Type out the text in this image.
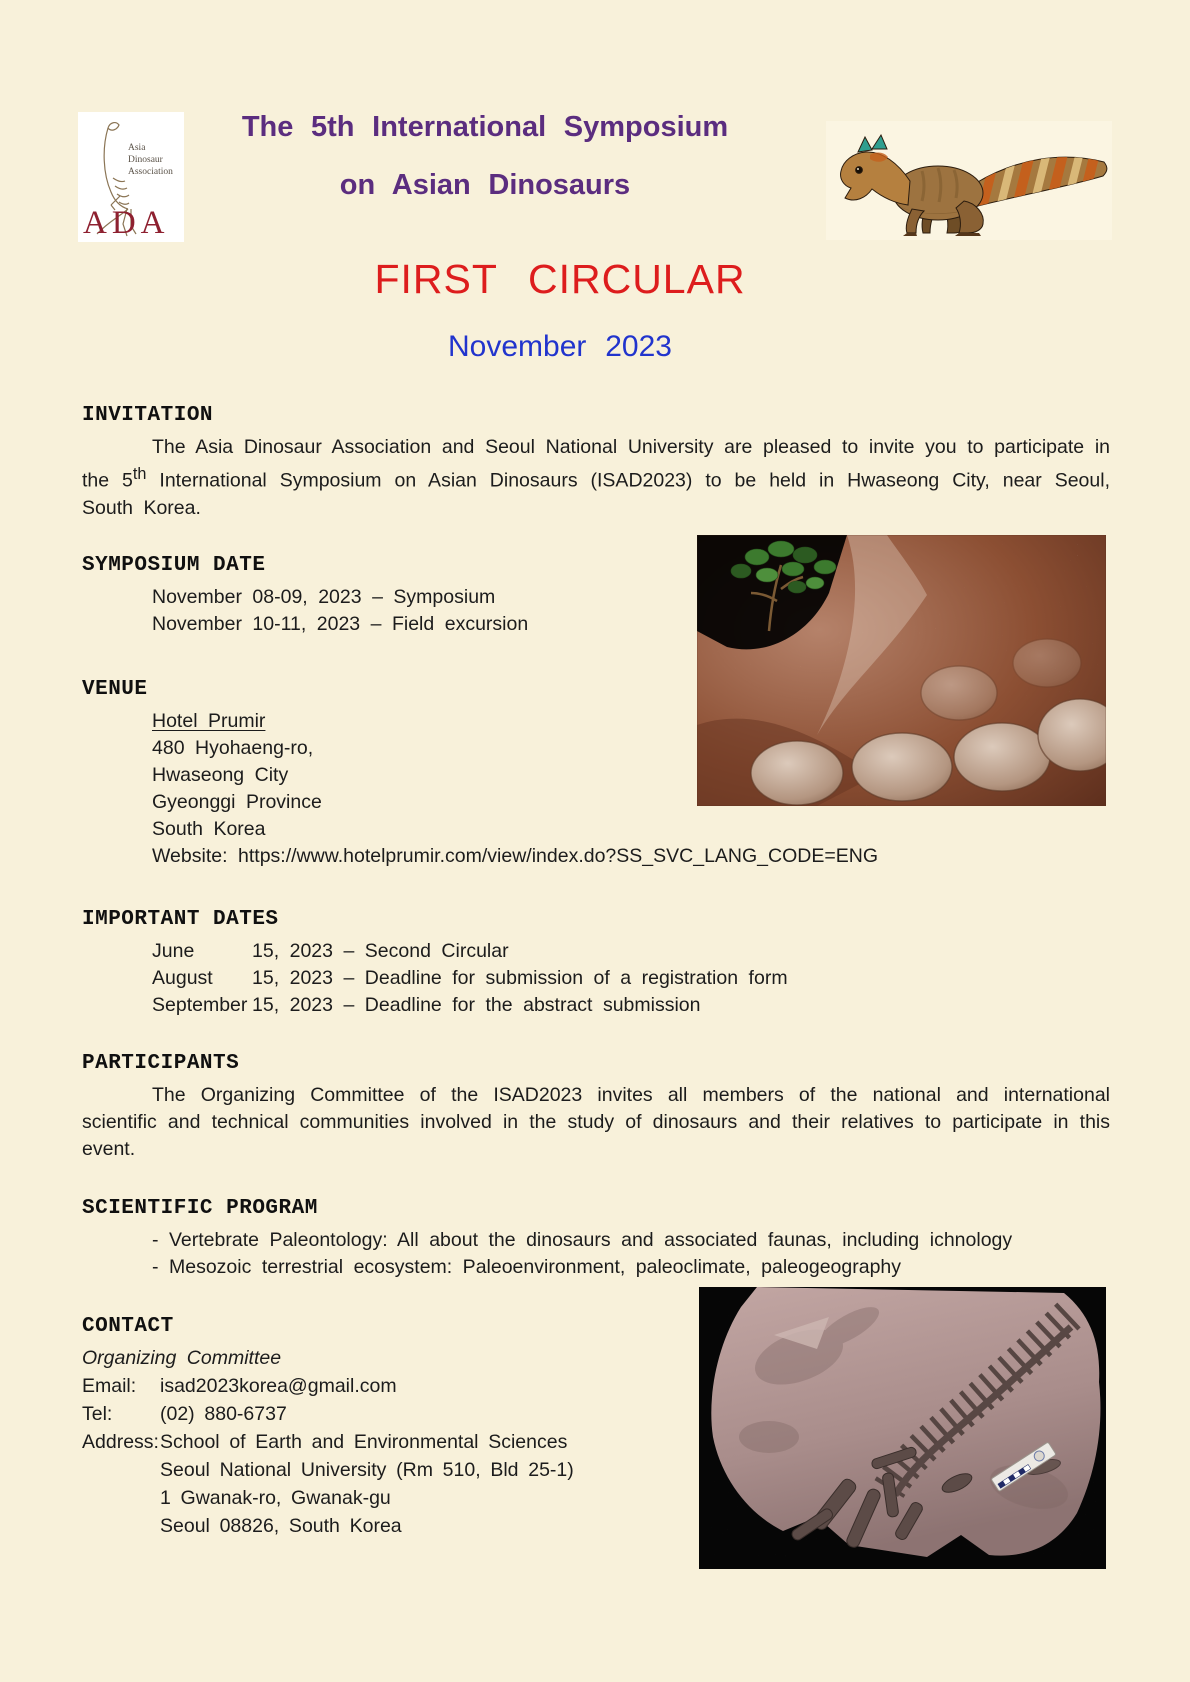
Asia
Dinosaur
Association
ADA
The 5th International Symposium
on Asian Dinosaurs
FIRST CIRCULAR
November 2023
INVITATION

The Asia Dinosaur Association and Seoul National University are pleased to invite you to participate in the 5th International Symposium on Asian Dinosaurs (ISAD2023) to be held in Hwaseong City, near Seoul, South Korea.

SYMPOSIUM DATE
November 08-09, 2023 – Symposium
November 10-11, 2023 – Field excursion
VENUE
Hotel Prumir
480 Hyohaeng-ro,
Hwaseong City
Gyeonggi Province
South Korea
Website: https://www.hotelprumir.com/view/index.do?SS_SVC_LANG_CODE=ENG
IMPORTANT DATES
June	15, 2023 – Second Circular
August 15, 2023 – Deadline for submission of a registration form
September 15, 2023 – Deadline for the abstract submission
PARTICIPANTS

The Organizing Committee of the ISAD2023 invites all members of the national and international scientific and technical communities involved in the study of dinosaurs and their relatives to participate in this event.

SCIENTIFIC PROGRAM
- Vertebrate Paleontology: All about the dinosaurs and associated faunas, including ichnology
- Mesozoic terrestrial ecosystem: Paleoenvironment, paleoclimate, paleogeography
CONTACT
Organizing Committee
Email:	isad2023korea@gmail.com
Tel:	(02) 880-6737
Address: School of Earth and Environmental Sciences
Seoul National University (Rm 510, Bld 25-1)
1 Gwanak-ro, Gwanak-gu
Seoul 08826, South Korea
